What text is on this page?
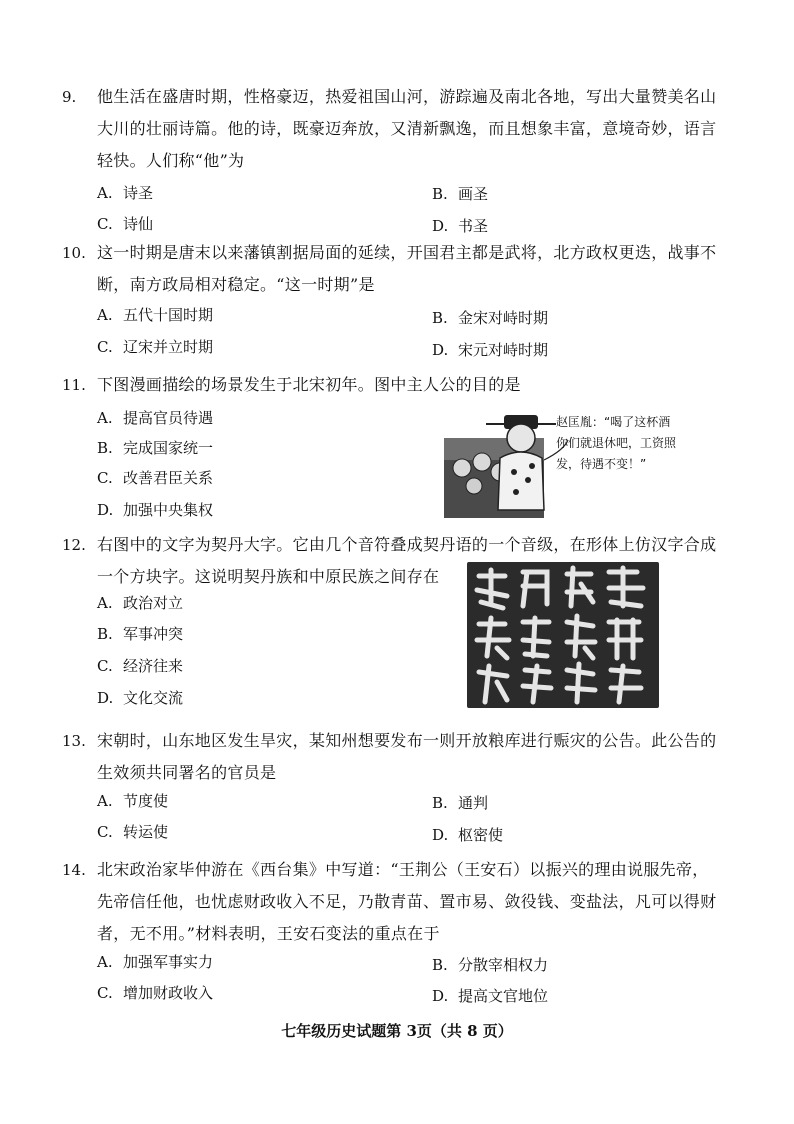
9. 他生活在盛唐时期，性格豪迈，热爱祖国山河，游踪遍及南北各地，写出大量赞美名山
大川的壮丽诗篇。他的诗，既豪迈奔放，又清新飘逸，而且想象丰富，意境奇妙，语言
轻快。人们称“他”为
A. 诗圣	B. 画圣
C. 诗仙	D. 书圣
10. 这一时期是唐末以来藩镇割据局面的延续，开国君主都是武将，北方政权更迭，战事不
断，南方政局相对稳定。“这一时期”是
A. 五代十国时期	B. 金宋对峙时期
C. 辽宋并立时期	D. 宋元对峙时期
11. 下图漫画描绘的场景发生于北宋初年。图中主人公的目的是
A. 提高官员待遇
B. 完成国家统一
C. 改善君臣关系
D. 加强中央集权
赵匡胤：“喝了这杯酒
你们就退休吧，工资照
发，待遇不变！”
12. 右图中的文字为契丹大字。它由几个音符叠成契丹语的一个音级，在形体上仿汉字合成
一个方块字。这说明契丹族和中原民族之间存在
A. 政治对立
B. 军事冲突
C. 经济往来
D. 文化交流
13. 宋朝时，山东地区发生旱灾，某知州想要发布一则开放粮库进行赈灾的公告。此公告的
生效须共同署名的官员是
A. 节度使	B. 通判
C. 转运使	D. 枢密使
14. 北宋政治家毕仲游在《西台集》中写道：“王荆公（王安石）以振兴的理由说服先帝，
先帝信任他，也忧虑财政收入不足，乃散青苗、置市易、敛役钱、变盐法，凡可以得财
者，无不用。”材料表明，王安石变法的重点在于
A. 加强军事实力	B. 分散宰相权力
C. 增加财政收入	D. 提高文官地位
七年级历史试题第 3页（共 8 页）
